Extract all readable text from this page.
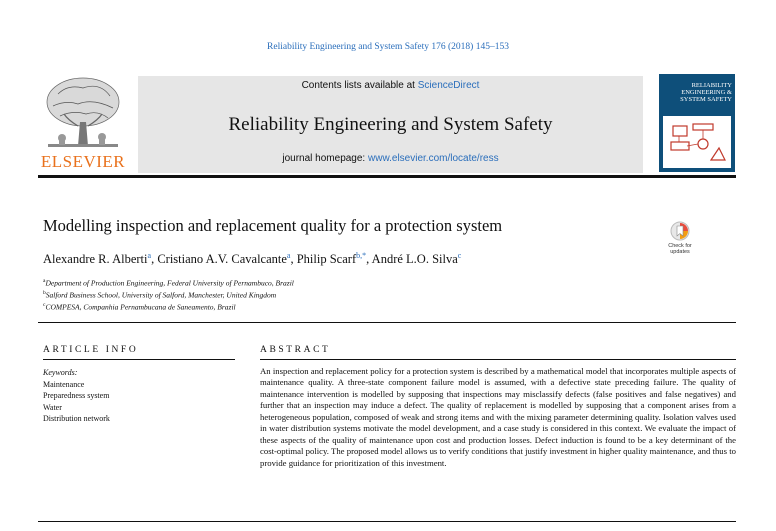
Reliability Engineering and System Safety 176 (2018) 145–153
ELSEVIER
Contents lists available at ScienceDirect
Reliability Engineering and System Safety
journal homepage: www.elsevier.com/locate/ress
RELIABILITY ENGINEERING & SYSTEM SAFETY
Modelling inspection and replacement quality for a protection system
Check for updates
Alexandre R. Alberti$^a$, Cristiano A.V. Cavalcante$^a$, Philip Scarf$^{b,*}$, André L.O. Silva$^c$
$^a$Department of Production Engineering, Federal University of Pernambuco, Brazil
$^b$Salford Business School, University of Salford, Manchester, United Kingdom
$^c$COMPESA, Companhia Pernambucana de Saneamento, Brazil
ARTICLE INFO
Keywords:
Maintenance
Preparedness system
Water
Distribution network
ABSTRACT
An inspection and replacement policy for a protection system is described by a mathematical model that incorporates multiple aspects of maintenance quality. A three-state component failure model is assumed, with a defective state preceding failure. The quality of maintenance intervention is modelled by supposing that inspections may misclassify defects (false positives and false negatives) and further that an inspection may induce a defect. The quality of replacement is modelled by supposing that a component arises from a heterogeneous population, composed of weak and strong items and with the mixing parameter determining quality. Isolation valves used in water distribution systems motivate the model development, and a case study is considered in this context. We evaluate the impact of these aspects of the quality of maintenance upon cost and production losses. Defect induction is found to be a key determinant of the cost-optimal policy. The proposed model allows us to verify conditions that justify investment in higher quality maintenance, and thus to provide guidance for prioritization of this investment.
